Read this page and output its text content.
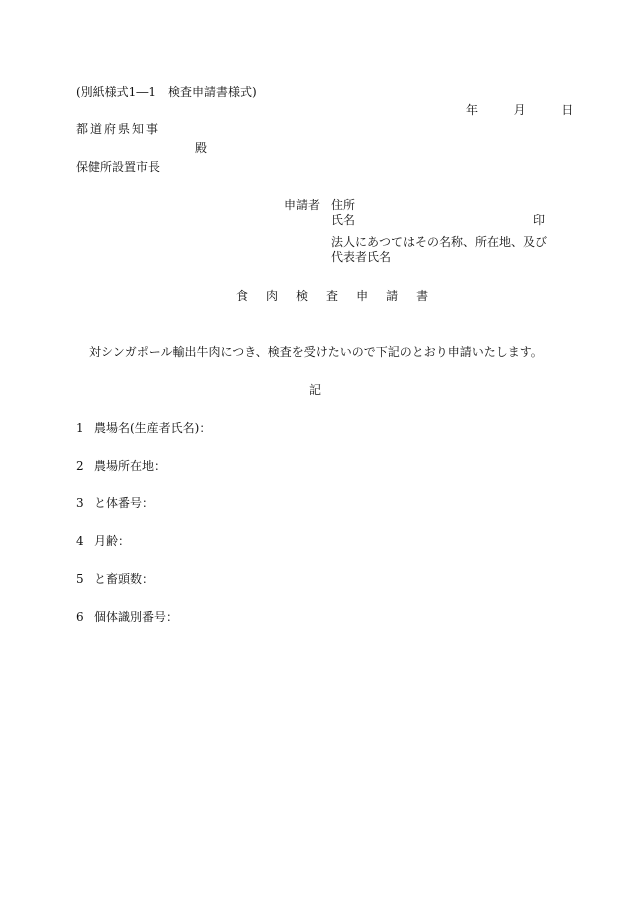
(別紙様式1―1　検査申請書様式)
年	月	日
都道府県知事
殿
保健所設置市長
申請者 住所
氏名	印
法人にあつてはその名称、所在地、及び
代表者氏名
食 肉 検 査 申 請 書
対シンガポール輸出牛肉につき、検査を受けたいので下記のとおり申請いたします。
記
1 農場名(生産者氏名)：
2 農場所在地：
3 と体番号：
4 月齢：
5 と畜頭数：
6 個体識別番号：
